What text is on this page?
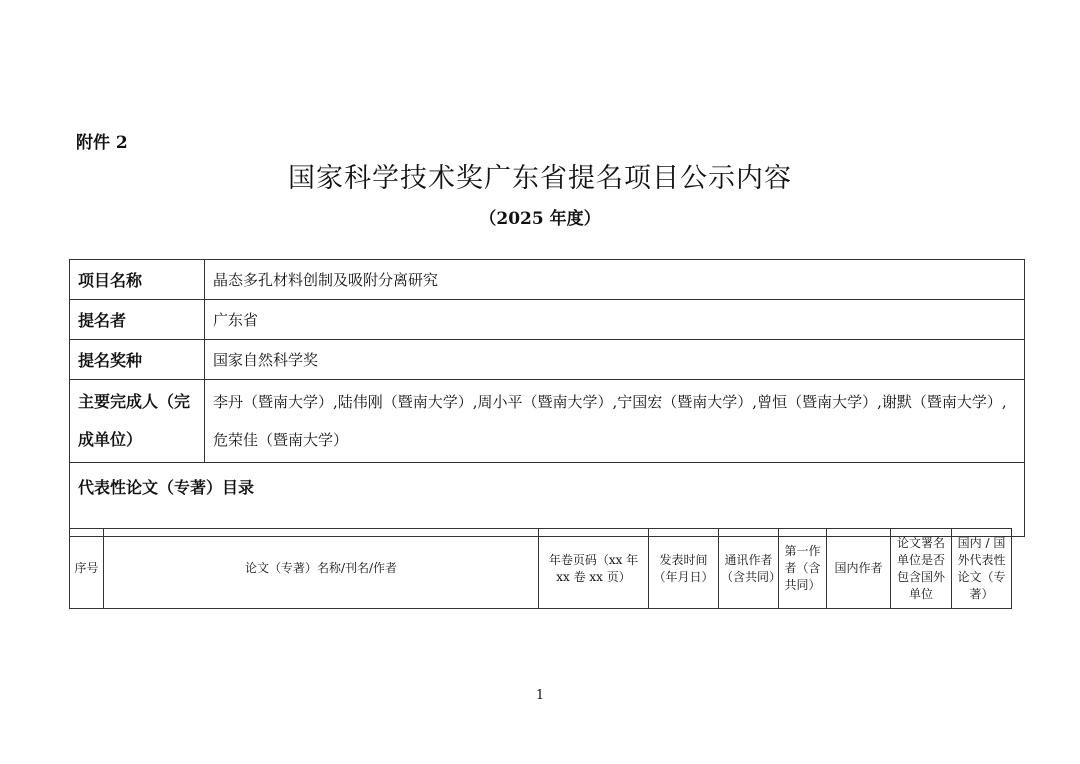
附件 2
国家科学技术奖广东省提名项目公示内容
（2025 年度）
项目名称	晶态多孔材料创制及吸附分离研究
提名者	广东省
提名奖种	国家自然科学奖
主要完成人（完成单位）	李丹（暨南大学）,陆伟刚（暨南大学）,周小平（暨南大学）,宁国宏（暨南大学）,曾恒（暨南大学）,谢默（暨南大学）,危荣佳（暨南大学）
代表性论文（专著）目录	
序号	论文（专著）名称/刊名/作者	年卷页码（xx 年 xx 卷 xx 页）	发表时间（年月日）	通讯作者（含共同）	第一作者（含共同）	国内作者	论文署名单位是否包含国外单位	国内 / 国外代表性论文（专著）
1
